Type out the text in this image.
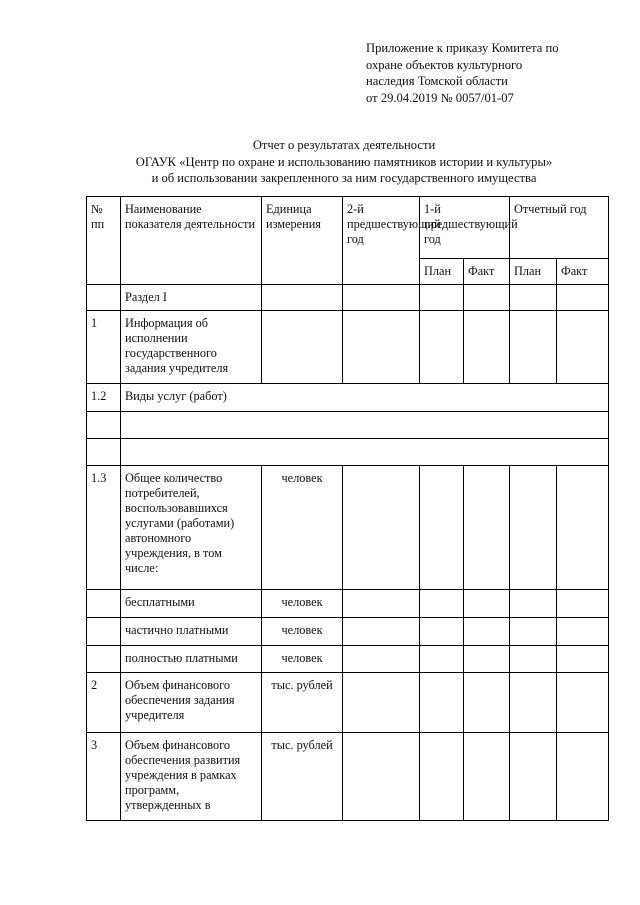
Приложение к приказу Комитета по
охране объектов культурного
наследия Томской области
от 29.04.2019 № 0057/01-07
Отчет о результатах деятельности
ОГАУК «Центр по охране и использованию памятников истории и культуры»
и об использовании закрепленного за ним государственного имущества
№ пп	Наименование показателя деятельности	Единица измерения	2-й предшествующий год	1-й предшествующий год		Отчетный год	
				План	Факт	План	Факт
	Раздел I						
1	Информация об исполнении государственного задания учредителя						
1.2	Виды услуг (работ)						

1.3	Общее количество потребителей, воспользовавшихся услугами (работами) автономного учреждения, в том числе:	человек					
	бесплатными	человек					
	частично платными	человек					
	полностью платными	человек					
2	Объем финансового обеспечения задания учредителя	тыс. рублей					
3	Объем финансового обеспечения развития учреждения в рамках программ, утвержденных в	тыс. рублей					
